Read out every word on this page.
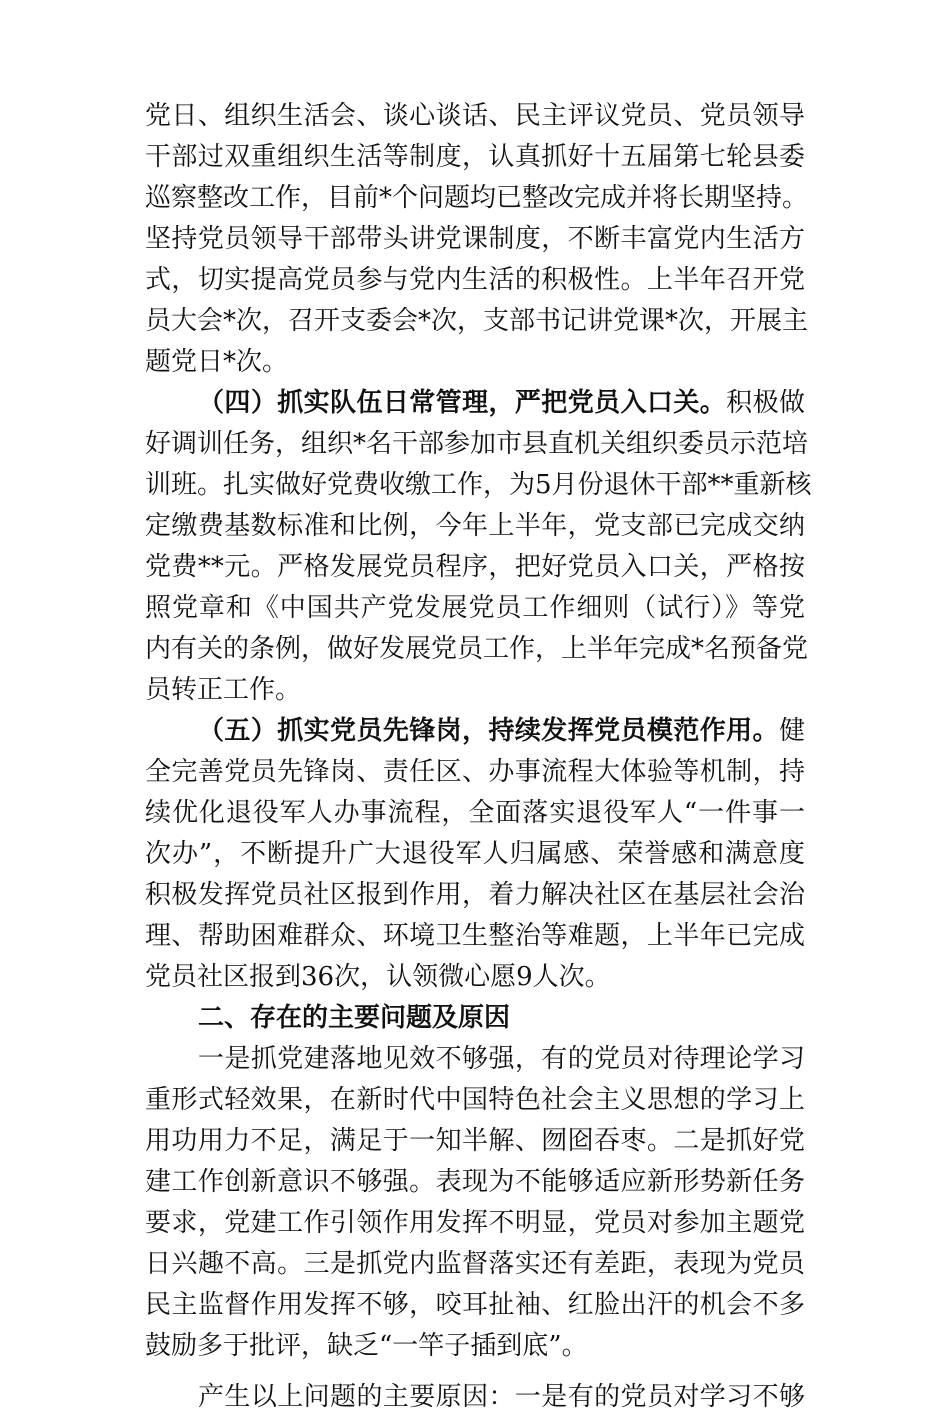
党日、组织生活会、谈心谈话、民主评议党员、党员领导
干部过双重组织生活等制度，认真抓好十五届第七轮县委
巡察整改工作，目前*个问题均已整改完成并将长期坚持。
坚持党员领导干部带头讲党课制度，不断丰富党内生活方
式，切实提高党员参与党内生活的积极性。上半年召开党
员大会*次，召开支委会*次，支部书记讲党课*次，开展主
题党日*次。
（四）抓实队伍日常管理，严把党员入口关。积极做
好调训任务，组织*名干部参加市县直机关组织委员示范培
训班。扎实做好党费收缴工作，为5月份退休干部**重新核
定缴费基数标准和比例，今年上半年，党支部已完成交纳
党费**元。严格发展党员程序，把好党员入口关，严格按
照党章和《中国共产党发展党员工作细则（试行）》等党
内有关的条例，做好发展党员工作，上半年完成*名预备党
员转正工作。
（五）抓实党员先锋岗，持续发挥党员模范作用。健
全完善党员先锋岗、责任区、办事流程大体验等机制，持
续优化退役军人办事流程，全面落实退役军人“一件事一
次办”，不断提升广大退役军人归属感、荣誉感和满意度
积极发挥党员社区报到作用，着力解决社区在基层社会治
理、帮助困难群众、环境卫生整治等难题，上半年已完成
党员社区报到36次，认领微心愿9人次。
二、存在的主要问题及原因
一是抓党建落地见效不够强，有的党员对待理论学习
重形式轻效果，在新时代中国特色社会主义思想的学习上
用功用力不足，满足于一知半解、囫囵吞枣。二是抓好党
建工作创新意识不够强。表现为不能够适应新形势新任务
要求，党建工作引领作用发挥不明显，党员对参加主题党
日兴趣不高。三是抓党内监督落实还有差距，表现为党员
民主监督作用发挥不够，咬耳扯袖、红脸出汗的机会不多
鼓励多于批评，缺乏“一竿子插到底”。
产生以上问题的主要原因：一是有的党员对学习不够
